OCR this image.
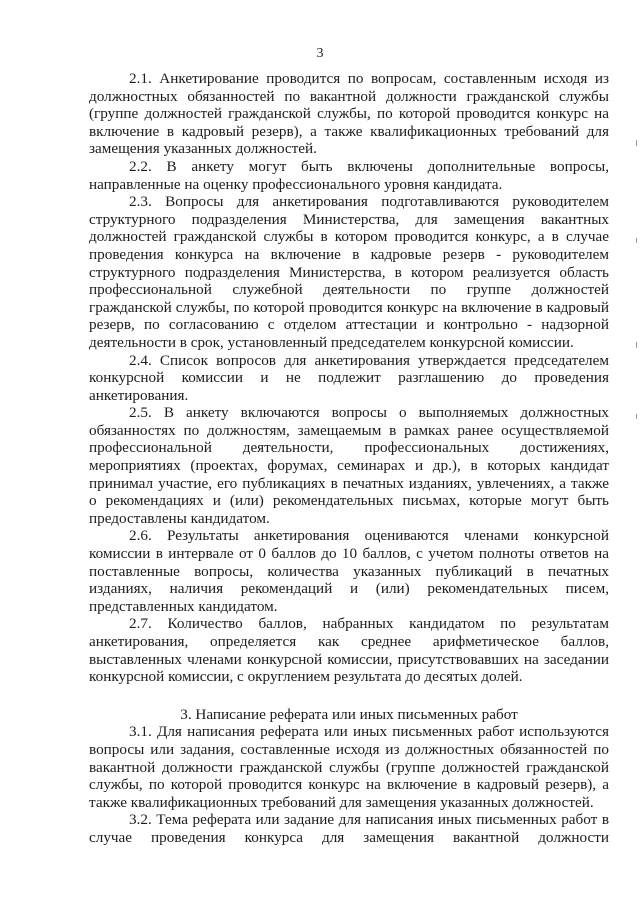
3

2.1. Анкетирование проводится по вопросам, составленным исходя из должностных обязанностей по вакантной должности гражданской службы (группе должностей гражданской службы, по которой проводится конкурс на включение в кадровый резерв), а также квалификационных требований для замещения указанных должностей.

2.2. В анкету могут быть включены дополнительные вопросы, направленные на оценку профессионального уровня кандидата.

2.3. Вопросы для анкетирования подготавливаются руководителем структурного подразделения Министерства, для замещения вакантных должностей гражданской службы в котором проводится конкурс, а в случае проведения конкурса на включение в кадровые резерв - руководителем структурного подразделения Министерства, в котором реализуется область профессиональной служебной деятельности по группе должностей гражданской службы, по которой проводится конкурс на включение в кадровый резерв, по согласованию с отделом аттестации и контрольно - надзорной деятельности в срок, установленный председателем конкурсной комиссии.

2.4. Список вопросов для анкетирования утверждается председателем конкурсной комиссии и не подлежит разглашению до проведения анкетирования.

2.5. В анкету включаются вопросы о выполняемых должностных обязанностях по должностям, замещаемым в рамках ранее осуществляемой профессиональной деятельности, профессиональных достижениях, мероприятиях (проектах, форумах, семинарах и др.), в которых кандидат принимал участие, его публикациях в печатных изданиях, увлечениях, а также о рекомендациях и (или) рекомендательных письмах, которые могут быть предоставлены кандидатом.

2.6. Результаты анкетирования оцениваются членами конкурсной комиссии в интервале от 0 баллов до 10 баллов, с учетом полноты ответов на поставленные вопросы, количества указанных публикаций в печатных изданиях, наличия рекомендаций и (или) рекомендательных писем, представленных кандидатом.

2.7. Количество баллов, набранных кандидатом по результатам анкетирования, определяется как среднее арифметическое баллов, выставленных членами конкурсной комиссии, присутствовавших на заседании конкурсной комиссии, с округлением результата до десятых долей.

3. Написание реферата или иных письменных работ

3.1. Для написания реферата или иных письменных работ используются вопросы или задания, составленные исходя из должностных обязанностей по вакантной должности гражданской службы (группе должностей гражданской службы, по которой проводится конкурс на включение в кадровый резерв), а также квалификационных требований для замещения указанных должностей.

3.2. Тема реферата или задание для написания иных письменных работ в случае проведения конкурса для замещения вакантной должности
